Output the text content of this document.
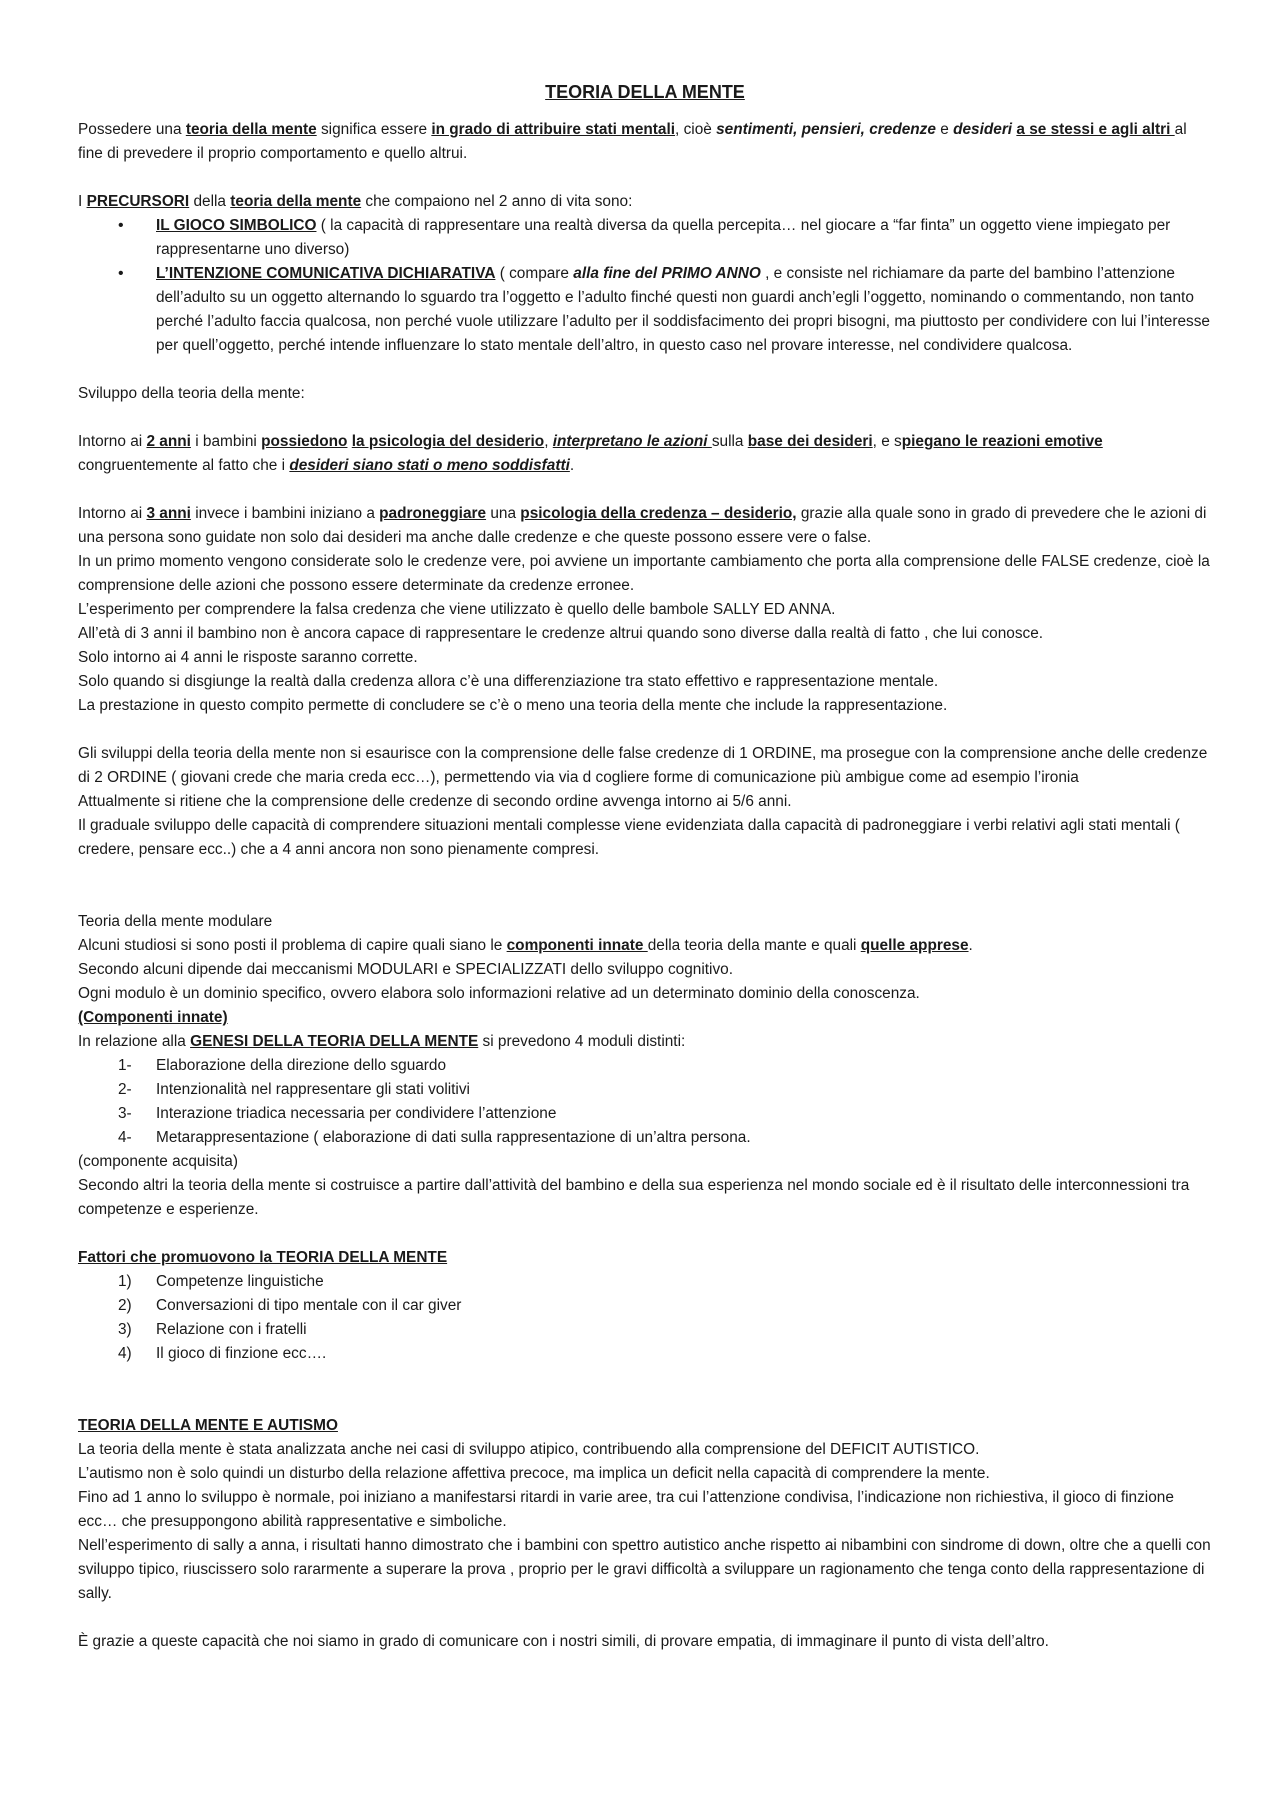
TEORIA DELLA MENTE

Possedere una teoria della mente significa essere in grado di attribuire stati mentali, cioè sentimenti, pensieri, credenze e desideri a se stessi e agli altri al fine di prevedere il proprio comportamento e quello altrui.

I PRECURSORI della teoria della mente che compaiono nel 2 anno di vita sono:

• IL GIOCO SIMBOLICO ( la capacità di rappresentare una realtà diversa da quella percepita… nel giocare a “far finta” un oggetto viene impiegato per rappresentarne uno diverso)
• L’INTENZIONE COMUNICATIVA DICHIARATIVA ( compare alla fine del PRIMO ANNO , e consiste nel richiamare da parte del bambino l’attenzione dell’adulto su un oggetto alternando lo sguardo tra l’oggetto e l’adulto finché questi non guardi anch’egli l’oggetto, nominando o commentando, non tanto perché l’adulto faccia qualcosa, non perché vuole utilizzare l’adulto per il soddisfacimento dei propri bisogni, ma piuttosto per condividere con lui l’interesse per quell’oggetto, perché intende influenzare lo stato mentale dell’altro, in questo caso nel provare interesse, nel condividere qualcosa.

Sviluppo della teoria della mente:

Intorno ai 2 anni i bambini possiedono la psicologia del desiderio, interpretano le azioni sulla base dei desideri, e spiegano le reazioni emotive congruentemente al fatto che i desideri siano stati o meno soddisfatti.

Intorno ai 3 anni invece i bambini iniziano a padroneggiare una psicologia della credenza – desiderio, grazie alla quale sono in grado di prevedere che le azioni di una persona sono guidate non solo dai desideri ma anche dalle credenze e che queste possono essere vere o false.

In un primo momento vengono considerate solo le credenze vere, poi avviene un importante cambiamento che porta alla comprensione delle FALSE credenze, cioè la comprensione delle azioni che possono essere determinate da credenze erronee.

L’esperimento per comprendere la falsa credenza che viene utilizzato è quello delle bambole SALLY ED ANNA.

All’età di 3 anni il bambino non è ancora capace di rappresentare le credenze altrui quando sono diverse dalla realtà di fatto , che lui conosce.

Solo intorno ai 4 anni le risposte saranno corrette.

Solo quando si disgiunge la realtà dalla credenza allora c’è una differenziazione tra stato effettivo e rappresentazione mentale.

La prestazione in questo compito permette di concludere se c’è o meno una teoria della mente che include la rappresentazione.

Gli sviluppi della teoria della mente non si esaurisce con la comprensione delle false credenze di 1 ORDINE, ma prosegue con la comprensione anche delle credenze di 2 ORDINE ( giovani crede che maria creda ecc…), permettendo via via d cogliere forme di comunicazione più ambigue come ad esempio l’ironia

Attualmente si ritiene che la comprensione delle credenze di secondo ordine avvenga intorno ai 5/6 anni.

Il graduale sviluppo delle capacità di comprendere situazioni mentali complesse viene evidenziata dalla capacità di padroneggiare i verbi relativi agli stati mentali ( credere, pensare ecc..) che a 4 anni ancora non sono pienamente compresi.

Teoria della mente modulare

Alcuni studiosi si sono posti il problema di capire quali siano le componenti innate della teoria della mante e quali quelle apprese.

Secondo alcuni dipende dai meccanismi MODULARI e SPECIALIZZATI dello sviluppo cognitivo.

Ogni modulo è un dominio specifico, ovvero elabora solo informazioni relative ad un determinato dominio della conoscenza.

(Componenti innate)

In relazione alla GENESI DELLA TEORIA DELLA MENTE si prevedono 4 moduli distinti:

1- Elaborazione della direzione dello sguardo
2- Intenzionalità nel rappresentare gli stati volitivi
3- Interazione triadica necessaria per condividere l’attenzione
4- Metarappresentazione ( elaborazione di dati sulla rappresentazione di un’altra persona.

(componente acquisita)

Secondo altri la teoria della mente si costruisce a partire dall’attività del bambino e della sua esperienza nel mondo sociale ed è il risultato delle interconnessioni tra competenze e esperienze.

Fattori che promuovono la TEORIA DELLA MENTE

1) Competenze linguistiche
2) Conversazioni di tipo mentale con il car giver
3) Relazione con i fratelli
4) Il gioco di finzione ecc….

TEORIA DELLA MENTE E AUTISMO

La teoria della mente è stata analizzata anche nei casi di sviluppo atipico, contribuendo alla comprensione del DEFICIT AUTISTICO.

L’autismo non è solo quindi un disturbo della relazione affettiva precoce, ma implica un deficit nella capacità di comprendere la mente.

Fino ad 1 anno lo sviluppo è normale, poi iniziano a manifestarsi ritardi in varie aree, tra cui l’attenzione condivisa, l’indicazione non richiestiva, il gioco di finzione ecc… che presuppongono abilità rappresentative e simboliche.

Nell’esperimento di sally a anna, i risultati hanno dimostrato che i bambini con spettro autistico anche rispetto ai nibambini con sindrome di down, oltre che a quelli con sviluppo tipico, riuscissero solo rararmente a superare la prova , proprio per le gravi difficoltà a sviluppare un ragionamento che tenga conto della rappresentazione di sally.

È grazie a queste capacità che noi siamo in grado di comunicare con i nostri simili, di provare empatia, di immaginare il punto di vista dell’altro.
